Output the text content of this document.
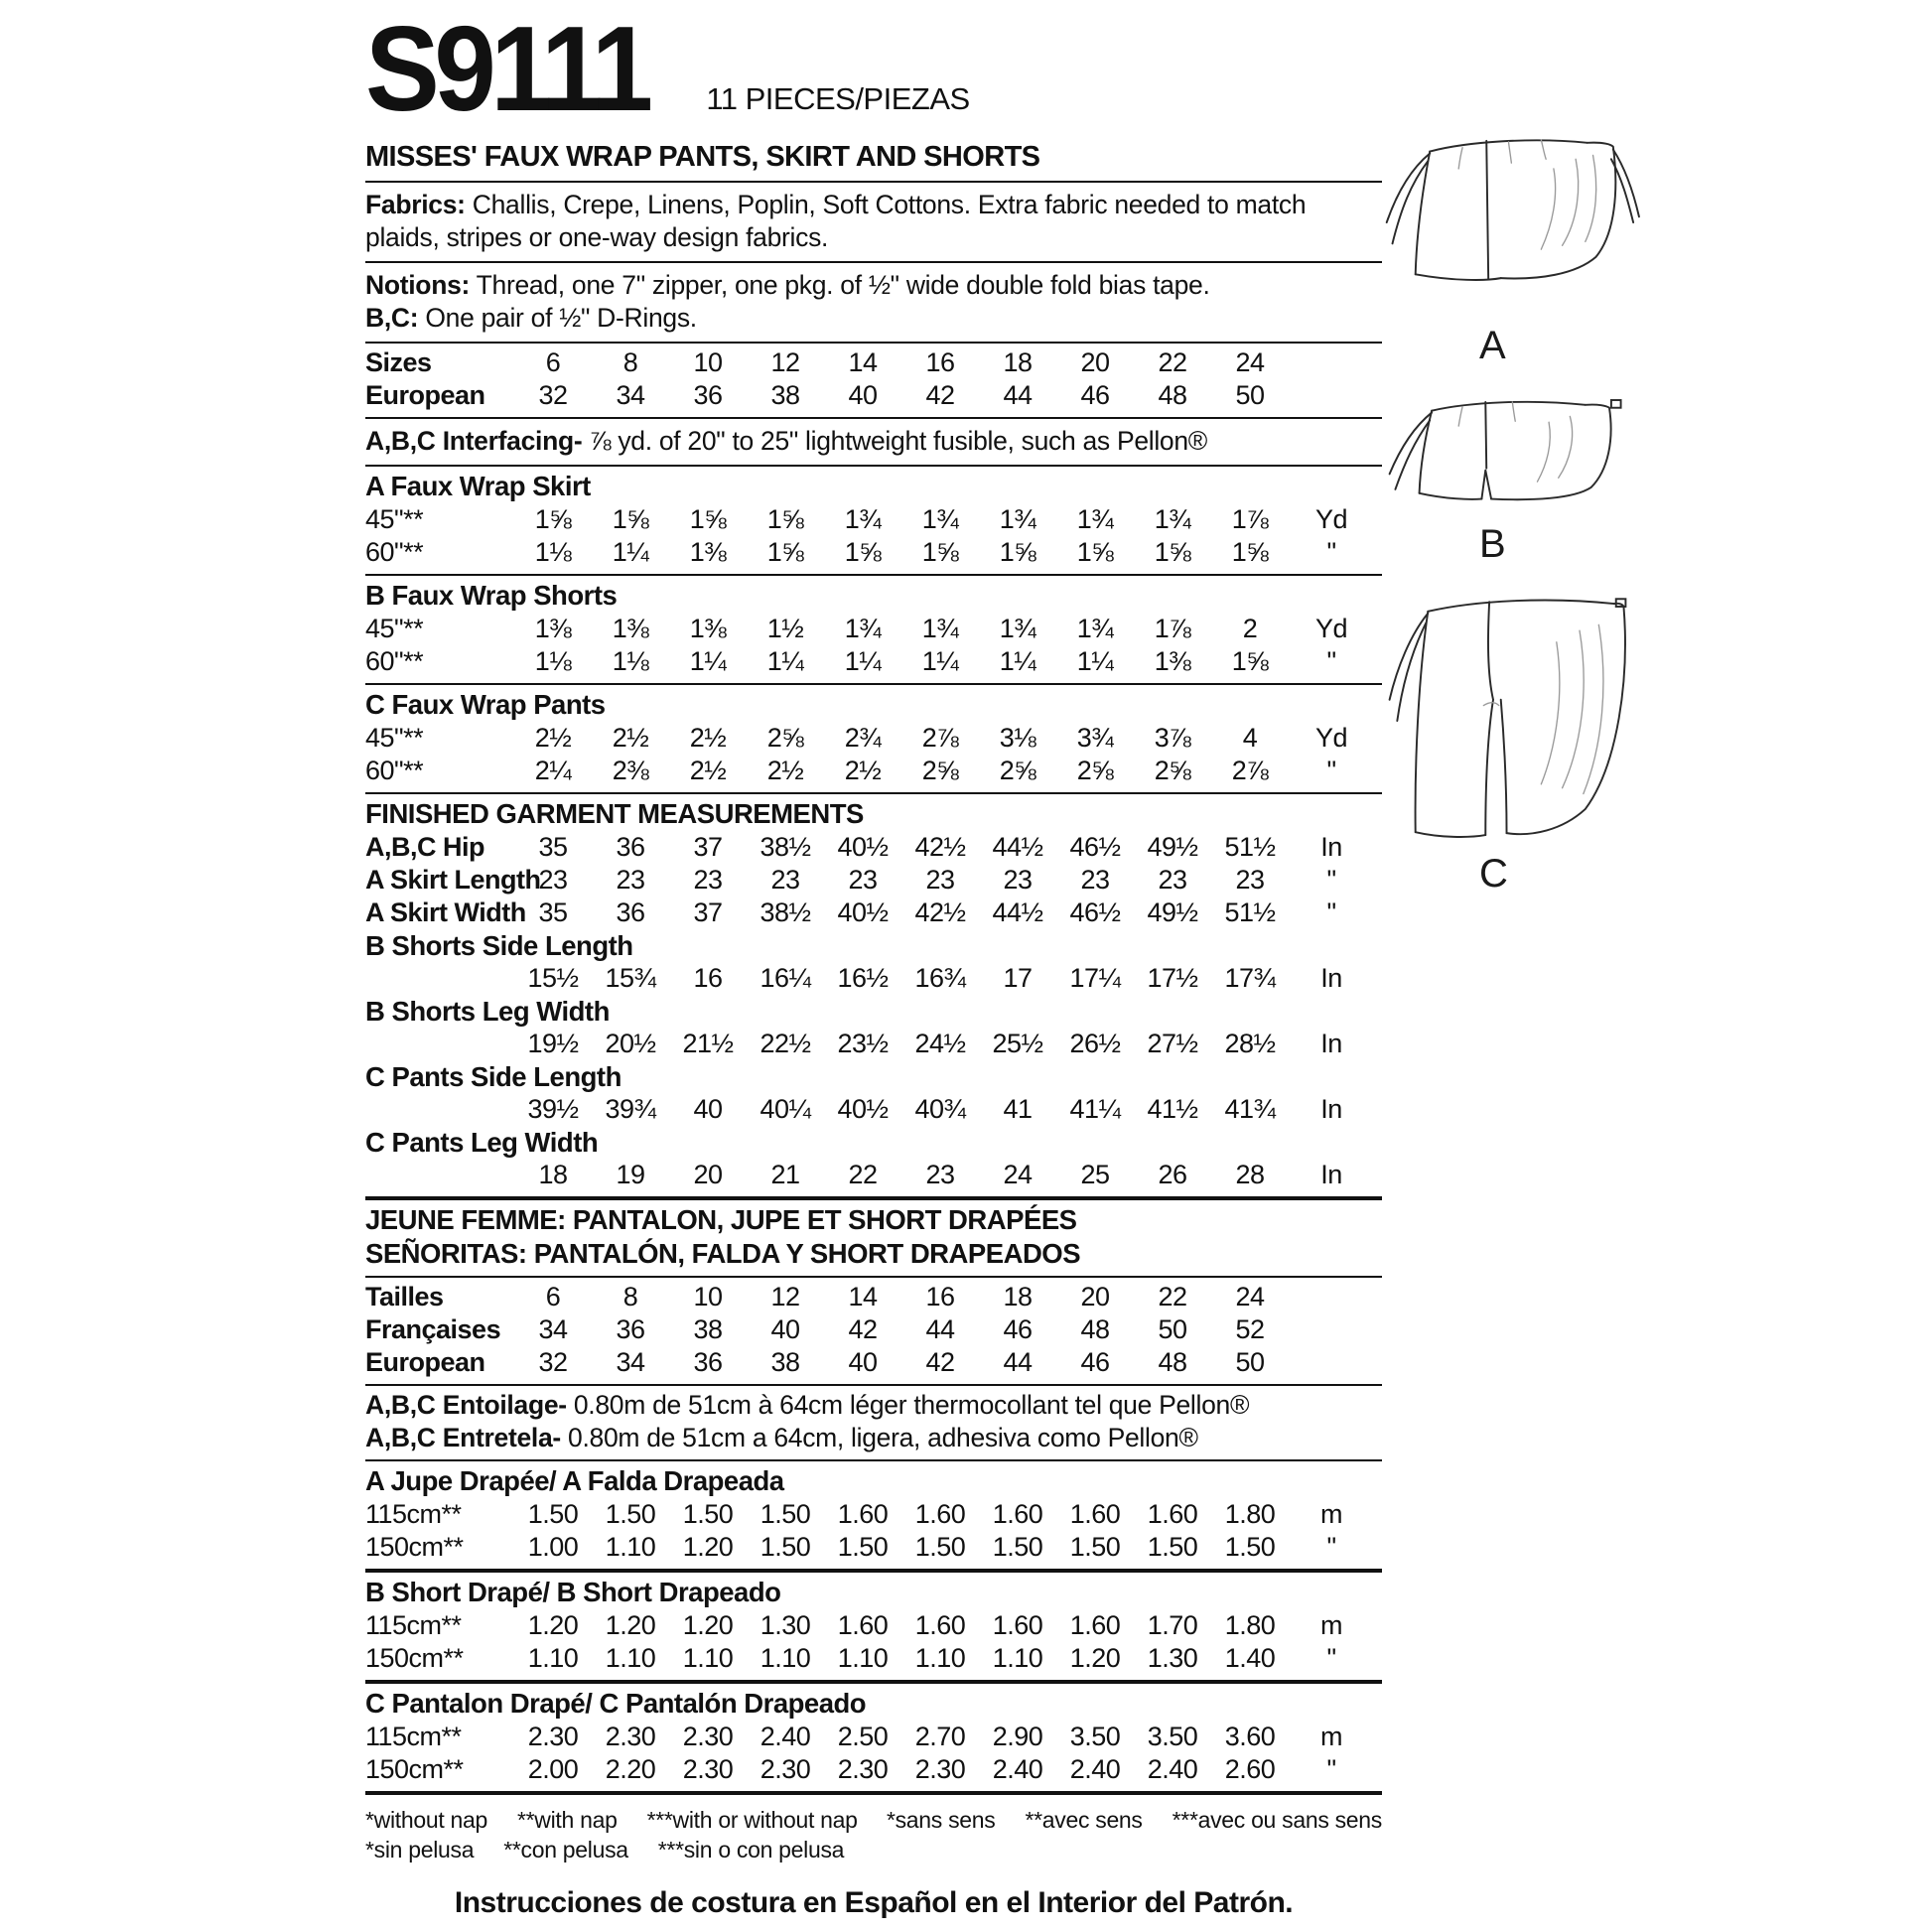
S9111	11 PIECES/PIEZAS
MISSES' FAUX WRAP PANTS, SKIRT AND SHORTS
Fabrics: Challis, Crepe, Linens, Poplin, Soft Cottons. Extra fabric needed to match plaids, stripes or one-way design fabrics.
Notions: Thread, one 7" zipper, one pkg. of ½" wide double fold bias tape.
B,C: One pair of ½" D-Rings.
Sizes	6	8	10	12	14	16	18	20	22	24
European	32	34	36	38	40	42	44	46	48	50
A,B,C Interfacing- ⅞ yd. of 20" to 25" lightweight fusible, such as Pellon®
A Faux Wrap Skirt
45"**	1⅝	1⅝	1⅝	1⅝	1¾	1¾	1¾	1¾	1¾	1⅞	Yd
60"**	1⅛	1¼	1⅜	1⅝	1⅝	1⅝	1⅝	1⅝	1⅝	1⅝	"
B Faux Wrap Shorts
45"**	1⅜	1⅜	1⅜	1½	1¾	1¾	1¾	1¾	1⅞	2	Yd
60"**	1⅛	1⅛	1¼	1¼	1¼	1¼	1¼	1¼	1⅜	1⅝	"
C Faux Wrap Pants
45"**	2½	2½	2½	2⅝	2¾	2⅞	3⅛	3¾	3⅞	4	Yd
60"**	2¼	2⅜	2½	2½	2½	2⅝	2⅝	2⅝	2⅝	2⅞	"
FINISHED GARMENT MEASUREMENTS
A,B,C Hip	35	36	37	38½ 40½ 42½ 44½ 46½ 49½ 51½	In
A Skirt Length
23	23	23	23	23	23	23	23	23	23	"
A Skirt Width 35	36	37	38½ 40½ 42½ 44½ 46½ 49½ 51½	"
B Shorts Side Length
15½ 15¾	16	16¼ 16½ 16¾	17	17¼ 17½ 17¾	In
B Shorts Leg Width
19½ 20½ 21½ 22½ 23½ 24½ 25½ 26½ 27½ 28½	In
C Pants Side Length
39½ 39¾	40	40¼ 40½ 40¾	41	41¼ 41½ 41¾	In
C Pants Leg Width
18	19	20	21	22	23	24	25	26	28	In
JEUNE FEMME: PANTALON, JUPE ET SHORT DRAPÉES
SEÑORITAS: PANTALÓN, FALDA Y SHORT DRAPEADOS
Tailles	6	8	10	12	14	16	18	20	22	24
Françaises	34	36	38	40	42	44	46	48	50	52
European	32	34	36	38	40	42	44	46	48	50
A,B,C Entoilage- 0.80m de 51cm à 64cm léger thermocollant tel que Pellon®
A,B,C Entretela- 0.80m de 51cm a 64cm, ligera, adhesiva como Pellon®
A Jupe Drapée/ A Falda Drapeada
115cm**	1.50	1.50	1.50	1.50	1.60	1.60	1.60	1.60	1.60	1.80	m
150cm**	1.00	1.10	1.20	1.50	1.50	1.50	1.50	1.50	1.50	1.50	"
B Short Drapé/ B Short Drapeado
115cm**	1.20	1.20	1.20	1.30	1.60	1.60	1.60	1.60	1.70	1.80	m
150cm**	1.10	1.10	1.10	1.10	1.10	1.10	1.10	1.20	1.30	1.40	"
C Pantalon Drapé/ C Pantalón Drapeado
115cm**	2.30	2.30	2.30	2.40	2.50	2.70	2.90	3.50	3.50	3.60	m
150cm**	2.00	2.20	2.30	2.30	2.30	2.30	2.40	2.40	2.40	2.60	"
*without nap **with nap ***with or without nap *sans sens **avec sens ***avec ou sans sens
*sin pelusa **con pelusa ***sin o con pelusa
Instrucciones de costura en Español en el Interior del Patrón.
A
B
C
